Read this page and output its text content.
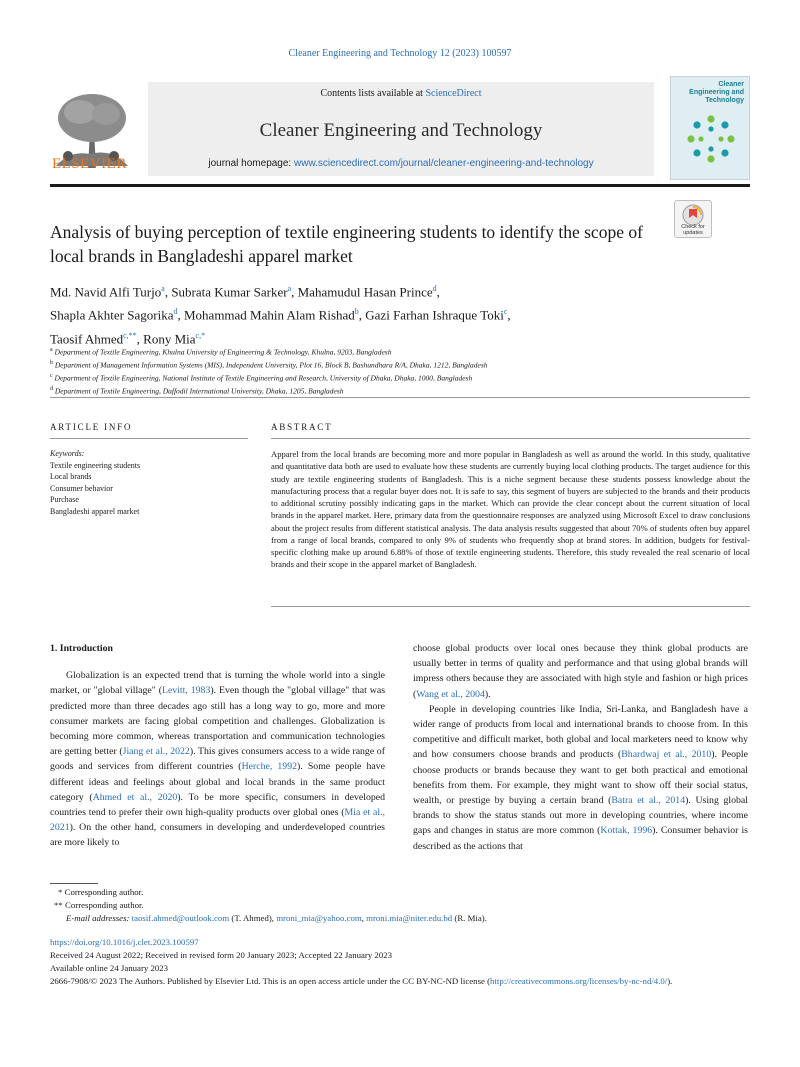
Cleaner Engineering and Technology 12 (2023) 100597
ELSEVIER
Contents lists available at ScienceDirect
Cleaner Engineering and Technology
journal homepage: www.sciencedirect.com/journal/cleaner-engineering-and-technology
Cleaner Engineering and Technology
Analysis of buying perception of textile engineering students to identify the scope of local brands in Bangladeshi apparel market
Check for updates
Md. Navid Alfi Turjo$^a$, Subrata Kumar Sarker$^a$, Mahamudul Hasan Prince$^d$,
Shapla Akhter Sagorika$^d$, Mohammad Mahin Alam Rishad$^b$, Gazi Farhan Ishraque Toki$^c$,
Taosif Ahmed$^{c,**}$, Rony Mia$^{c,*}$
$^a$ Department of Textile Engineering, Khulna University of Engineering & Technology, Khulna, 9203, Bangladesh
$^b$ Department of Management Information Systems (MIS), Independent University, Plot 16, Block B, Bashundhara R/A, Dhaka, 1212, Bangladesh
$^c$ Department of Textile Engineering, National Institute of Textile Engineering and Research, University of Dhaka, Dhaka, 1000, Bangladesh
$^d$ Department of Textile Engineering, Daffodil International University, Dhaka, 1205, Bangladesh
ARTICLE INFO	ABSTRACT
Keywords:
Textile engineering students
Local brands
Consumer behavior
Purchase
Bangladeshi apparel market
Apparel from the local brands are becoming more and more popular in Bangladesh as well as around the world. In this study, qualitative and quantitative data both are used to evaluate how these students are currently buying local clothing products. The target audience for this study are textile engineering students of Bangladesh. This is a niche segment because these students possess knowledge about the manufacturing process that a regular buyer does not. It is safe to say, this segment of buyers are subjected to the brands and their products to additional scrutiny possibly indicating gaps in the market. Which can provide the clear concept about the current situation of local brands in the apparel market. Here, primary data from the questionnaire responses are analyzed using Microsoft Excel to draw conclusions about the project results from different statistical analysis. The data analysis results suggested that about 70% of students often buy apparel from a range of local brands, compared to only 9% of students who frequently shop at brand stores. In addition, budgets for festival-specific clothing make up around 6.88% of those of textile engineering students. Therefore, this study revealed the real scenario of local brands and their scope in the apparel market of Bangladesh.
1. Introduction

Globalization is an expected trend that is turning the whole world into a single market, or "global village" (Levitt, 1983). Even though the "global village" that was predicted more than three decades ago still has a long way to go, more and more consumer markets are facing global competition and challenges. Globalization is becoming more common, whereas transportation and communication technologies are getting better (Jiang et al., 2022). This gives consumers access to a wide range of goods and services from different countries (Herche, 1992). Some people have different ideas and feelings about global and local brands in the same product category (Ahmed et al., 2020). To be more specific, consumers in developed countries tend to prefer their own high-quality products over global ones (Mia et al., 2021). On the other hand, consumers in developing and underdeveloped countries are more likely to

choose global products over local ones because they think global products are usually better in terms of quality and performance and that using global brands will impress others because they are associated with high style and fashion or high prices (Wang et al., 2004).

People in developing countries like India, Sri-Lanka, and Bangladesh have a wider range of products from local and international brands to choose from. In this competitive and difficult market, both global and local marketers need to know why and how consumers choose brands and products (Bhardwaj et al., 2010). People choose products or brands because they want to get both practical and emotional benefits from them. For example, they might want to show off their social status, wealth, or prestige by buying a certain brand (Batra et al., 2014). Using global brands to show the status stands out more in developing countries, where income gaps and changes in status are more common (Kottak, 1996). Consumer behavior is described as the actions that

* Corresponding author.
** Corresponding author.
E-mail addresses: taosif.ahmed@outlook.com (T. Ahmed), mroni_mia@yahoo.com, mroni.mia@niter.edu.bd (R. Mia).
https://doi.org/10.1016/j.clet.2023.100597
Received 24 August 2022; Received in revised form 20 January 2023; Accepted 22 January 2023
Available online 24 January 2023
2666-7908/© 2023 The Authors. Published by Elsevier Ltd. This is an open access article under the CC BY-NC-ND license (http://creativecommons.org/licenses/by-nc-nd/4.0/).
